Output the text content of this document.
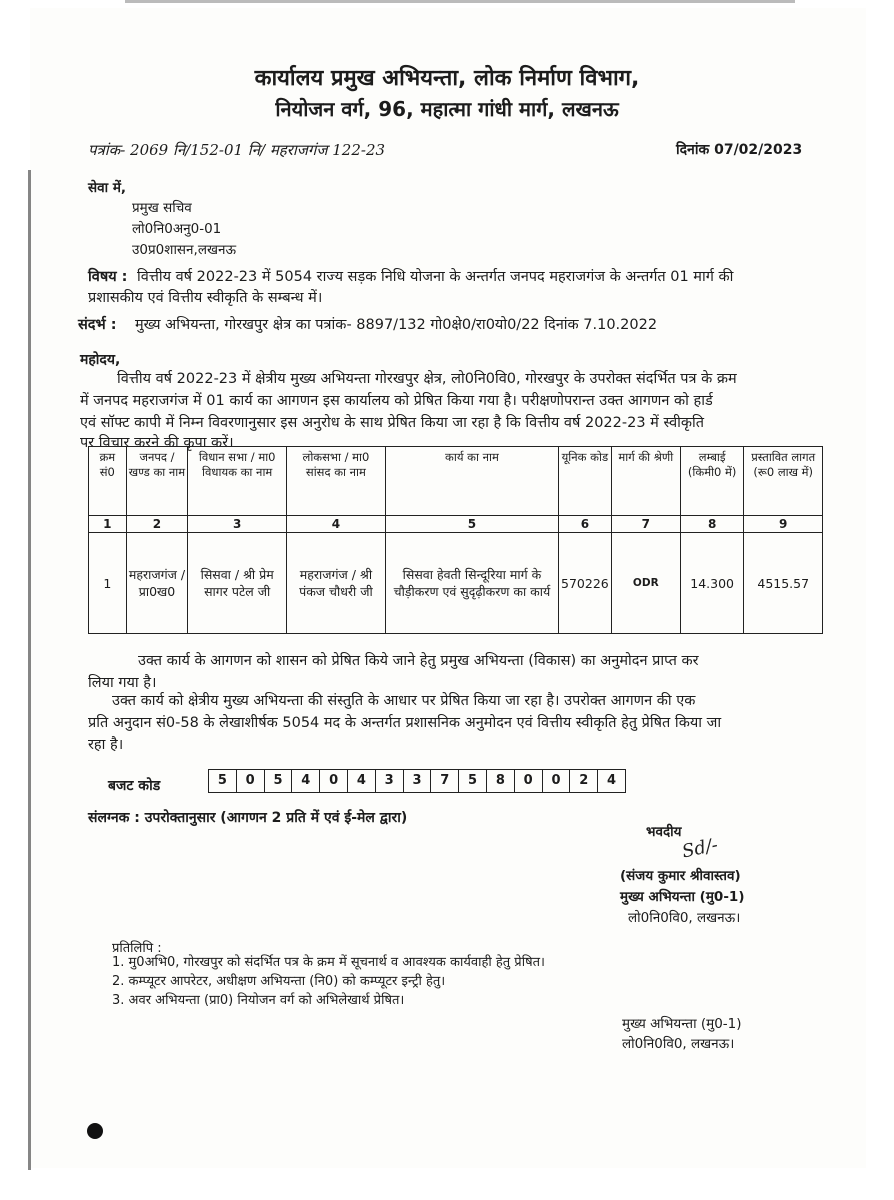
कार्यालय प्रमुख अभियन्ता, लोक निर्माण विभाग,
नियोजन वर्ग, 96, महात्मा गांधी मार्ग, लखनऊ
पत्रांक- 2069 नि/152-01 नि/ महराजगंज 122-23	दिनांक 07/02/2023
सेवा में,
प्रमुख सचिव
लो0नि0अनु0-01
उ0प्र0शासन,लखनऊ
विषय : वित्तीय वर्ष 2022-23 में 5054 राज्य सड़क निधि योजना के अन्तर्गत जनपद महराजगंज के अन्तर्गत 01 मार्ग की
प्रशासकीय एवं वित्तीय स्वीकृति के सम्बन्ध में।
संदर्भ : मुख्य अभियन्ता, गोरखपुर क्षेत्र का पत्रांक- 8897/132 गो0क्षे0/रा0यो0/22 दिनांक 7.10.2022
महोदय,
वित्तीय वर्ष 2022-23 में क्षेत्रीय मुख्य अभियन्ता गोरखपुर क्षेत्र, लो0नि0वि0, गोरखपुर के उपरोक्त संदर्भित पत्र के क्रम
में जनपद महराजगंज में 01 कार्य का आगणन इस कार्यालय को प्रेषित किया गया है। परीक्षणोपरान्त उक्त आगणन को हार्ड
एवं सॉफ्ट कापी में निम्न विवरणानुसार इस अनुरोध के साथ प्रेषित किया जा रहा है कि वित्तीय वर्ष 2022-23 में स्वीकृति
पर विचार करने की कृपा करें।
क्रम सं0	जनपद / खण्ड का नाम	विधान सभा / मा0 विधायक का नाम	लोकसभा / मा0 सांसद का नाम	कार्य का नाम	यूनिक कोड	मार्ग की श्रेणी	लम्बाई (किमी0 में)	प्रस्तावित लागत (रू0 लाख में)
1	2	3	4	5	6	7	8	9
1	महराजगंज / प्रा0ख0	सिसवा / श्री प्रेम सागर पटेल जी	महराजगंज / श्री पंकज चौधरी जी	सिसवा हेवती सिन्दूरिया मार्ग के चौड़ीकरण एवं सुदृढ़ीकरण का कार्य	570226	ODR	14.300	4515.57
उक्त कार्य के आगणन को शासन को प्रेषित किये जाने हेतु प्रमुख अभियन्ता (विकास) का अनुमोदन प्राप्त कर
लिया गया है।
उक्त कार्य को क्षेत्रीय मुख्य अभियन्ता की संस्तुति के आधार पर प्रेषित किया जा रहा है। उपरोक्त आगणन की एक
प्रति अनुदान सं0-58 के लेखाशीर्षक 5054 मद के अन्तर्गत प्रशासनिक अनुमोदन एवं वित्तीय स्वीकृति हेतु प्रेषित किया जा
रहा है।
बजट कोड	5	0	5	4	0	4	3	3	7	5	8	0	0	2	4
संलग्नक : उपरोक्तानुसार (आगणन 2 प्रति में एवं ई-मेल द्वारा)
भवदीय
Sd/-
(संजय कुमार श्रीवास्तव)
मुख्य अभियन्ता (मु0-1)
लो0नि0वि0, लखनऊ।
प्रतिलिपि :
1. मु0अभि0, गोरखपुर को संदर्भित पत्र के क्रम में सूचनार्थ व आवश्यक कार्यवाही हेतु प्रेषित।
2. कम्प्यूटर आपरेटर, अधीक्षण अभियन्ता (नि0) को कम्प्यूटर इन्ट्री हेतु।
3. अवर अभियन्ता (प्रा0) नियोजन वर्ग को अभिलेखार्थ प्रेषित।
मुख्य अभियन्ता (मु0-1)
लो0नि0वि0, लखनऊ।
